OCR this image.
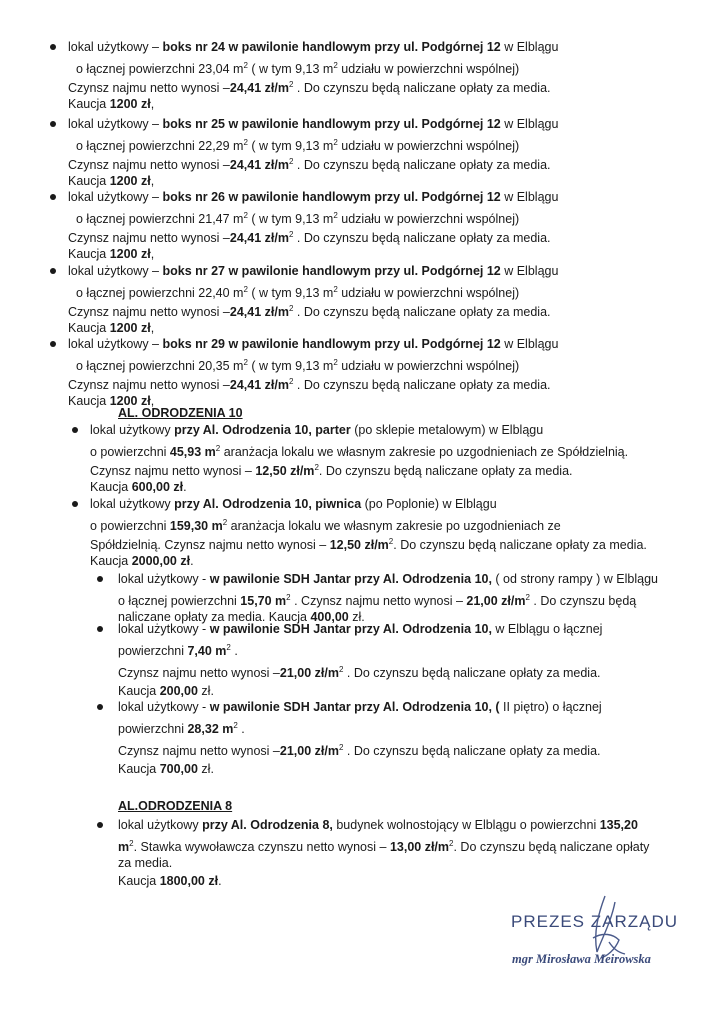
lokal użytkowy – boks nr 24 w pawilonie handlowym przy ul. Podgórnej 12 w Elblągu
o łącznej powierzchni 23,04 $m^2$ ( w tym 9,13 $m^2$ udziału w powierzchni wspólnej)
Czynsz najmu netto wynosi –24,41 $zł/m^2$ . Do czynszu będą naliczane opłaty za media.
Kaucja 1200 zł,
lokal użytkowy – boks nr 25 w pawilonie handlowym przy ul. Podgórnej 12 w Elblągu
o łącznej powierzchni 22,29 $m^2$ ( w tym 9,13 $m^2$ udziału w powierzchni wspólnej)
Czynsz najmu netto wynosi –24,41 $zł/m^2$ . Do czynszu będą naliczane opłaty za media.
Kaucja 1200 zł,
lokal użytkowy – boks nr 26 w pawilonie handlowym przy ul. Podgórnej 12 w Elblągu
o łącznej powierzchni 21,47 $m^2$ ( w tym 9,13 $m^2$ udziału w powierzchni wspólnej)
Czynsz najmu netto wynosi –24,41 $zł/m^2$ . Do czynszu będą naliczane opłaty za media.
Kaucja 1200 zł,
lokal użytkowy – boks nr 27 w pawilonie handlowym przy ul. Podgórnej 12 w Elblągu
o łącznej powierzchni 22,40 $m^2$ ( w tym 9,13 $m^2$ udziału w powierzchni wspólnej)
Czynsz najmu netto wynosi –24,41 $zł/m^2$ . Do czynszu będą naliczane opłaty za media.
Kaucja 1200 zł,
lokal użytkowy – boks nr 29 w pawilonie handlowym przy ul. Podgórnej 12 w Elblągu
o łącznej powierzchni 20,35 $m^2$ ( w tym 9,13 $m^2$ udziału w powierzchni wspólnej)
Czynsz najmu netto wynosi –24,41 $zł/m^2$ . Do czynszu będą naliczane opłaty za media.
Kaucja 1200 zł,
lokal użytkowy przy Al. Odrodzenia 10, parter (po sklepie metalowym) w Elblągu
o powierzchni 45,93 $m^2$ aranżacja lokalu we własnym zakresie po uzgodnieniach ze Spółdzielnią.
Czynsz najmu netto wynosi – 12,50 $zł/m^2$. Do czynszu będą naliczane opłaty za media.
Kaucja 600,00 zł.
lokal użytkowy przy Al. Odrodzenia 10, piwnica (po Poplonie) w Elblągu
o powierzchni 159,30 $m^2$ aranżacja lokalu we własnym zakresie po uzgodnieniach ze
Spółdzielnią. Czynsz najmu netto wynosi – 12,50 $zł/m^2$. Do czynszu będą naliczane opłaty za media.
Kaucja 2000,00 zł.
lokal użytkowy - w pawilonie SDH Jantar przy Al. Odrodzenia 10, ( od strony rampy ) w Elblągu
o łącznej powierzchni 15,70 $m^2$ . Czynsz najmu netto wynosi – 21,00 $zł/m^2$ . Do czynszu będą
naliczane opłaty za media. Kaucja 400,00 zł.
lokal użytkowy - w pawilonie SDH Jantar przy Al. Odrodzenia 10, w Elblągu o łącznej
powierzchni 7,40 $m^2$ .
Czynsz najmu netto wynosi –21,00 $zł/m^2$ . Do czynszu będą naliczane opłaty za media.
Kaucja 200,00 zł.
lokal użytkowy - w pawilonie SDH Jantar przy Al. Odrodzenia 10, ( II piętro) o łącznej
powierzchni 28,32 $m^2$ .
Czynsz najmu netto wynosi –21,00 $zł/m^2$ . Do czynszu będą naliczane opłaty za media.
Kaucja 700,00 zł.
lokal użytkowy przy Al. Odrodzenia 8, budynek wolnostojący w Elblągu o powierzchni 135,20
$m^2$. Stawka wywoławcza czynszu netto wynosi – 13,00 $zł/m^2$. Do czynszu będą naliczane opłaty
za media.
Kaucja 1800,00 zł.
AL. ODRODZENIA 10
AL.ODRODZENIA 8
PREZES ZARZĄDU
mgr Mirosława Meirowska
